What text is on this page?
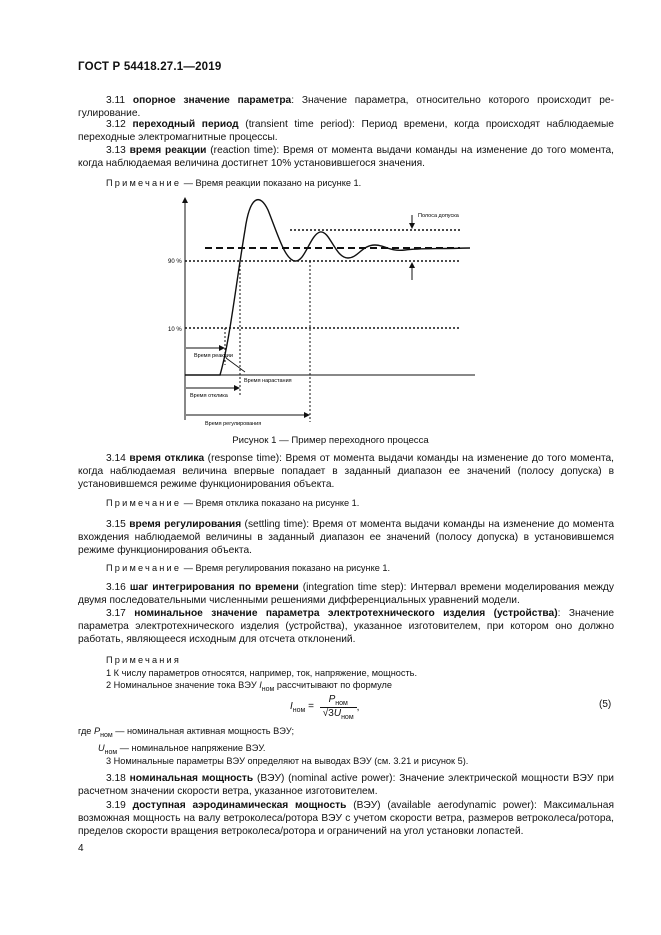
ГОСТ Р 54418.27.1—2019
3.11 опорное значение параметра: Значение параметра, относительно которого происходит регулирование.
3.12 переходный период (transient time period): Период времени, когда происходят наблюдаемые переходные электромагнитные процессы.
3.13 время реакции (reaction time): Время от момента выдачи команды на изменение до того момента, когда наблюдаемая величина достигнет 10% установившегося значения.
Примечание — Время реакции показано на рисунке 1.
90 %
10 %
Полоса допуска
Время реакции
Время нарастания
Время отклика
Время регулирования
Рисунок 1 — Пример переходного процесса
3.14 время отклика (response time): Время от момента выдачи команды на изменение до того момента, когда наблюдаемая величина впервые попадает в заданный диапазон ее значений (полосу допуска) в установившемся режиме функционирования объекта.
Примечание — Время отклика показано на рисунке 1.
3.15 время регулирования (settling time): Время от момента выдачи команды на изменение до момента вхождения наблюдаемой величины в заданный диапазон ее значений (полосу допуска) в установившемся режиме функционирования объекта.
Примечание — Время регулирования показано на рисунке 1.
3.16 шаг интегрирования по времени (integration time step): Интервал времени моделирования между двумя последовательными численными решениями дифференциальных уравнений модели.
3.17 номинальное значение параметра электротехнического изделия (устройства): Значение параметра электротехнического изделия (устройства), указанное изготовителем, при котором оно должно работать, являющееся исходным для отсчета отклонений.
Примечания
1 К числу параметров относятся, например, ток, напряжение, мощность.
2 Номинальное значение тока ВЭУ $I_{ном}$ рассчитывают по формуле
$I_{ном}$ =
$P_{ном}$
$√3U_{ном}$
,	(5)
где $P_{ном}$ — номинальная активная мощность ВЭУ;
$U_{ном}$ — номинальное напряжение ВЭУ.
3 Номинальные параметры ВЭУ определяют на выводах ВЭУ (см. 3.21 и рисунок 5).
3.18 номинальная мощность (ВЭУ) (nominal active power): Значение электрической мощности ВЭУ при расчетном значении скорости ветра, указанное изготовителем.
3.19 доступная аэродинамическая мощность (ВЭУ) (available aerodynamic power): Максимальная возможная мощность на валу ветроколеса/ротора ВЭУ с учетом скорости ветра, размеров ветроколеса/ротора, пределов скорости вращения ветроколеса/ротора и ограничений на угол установки лопастей.
4
